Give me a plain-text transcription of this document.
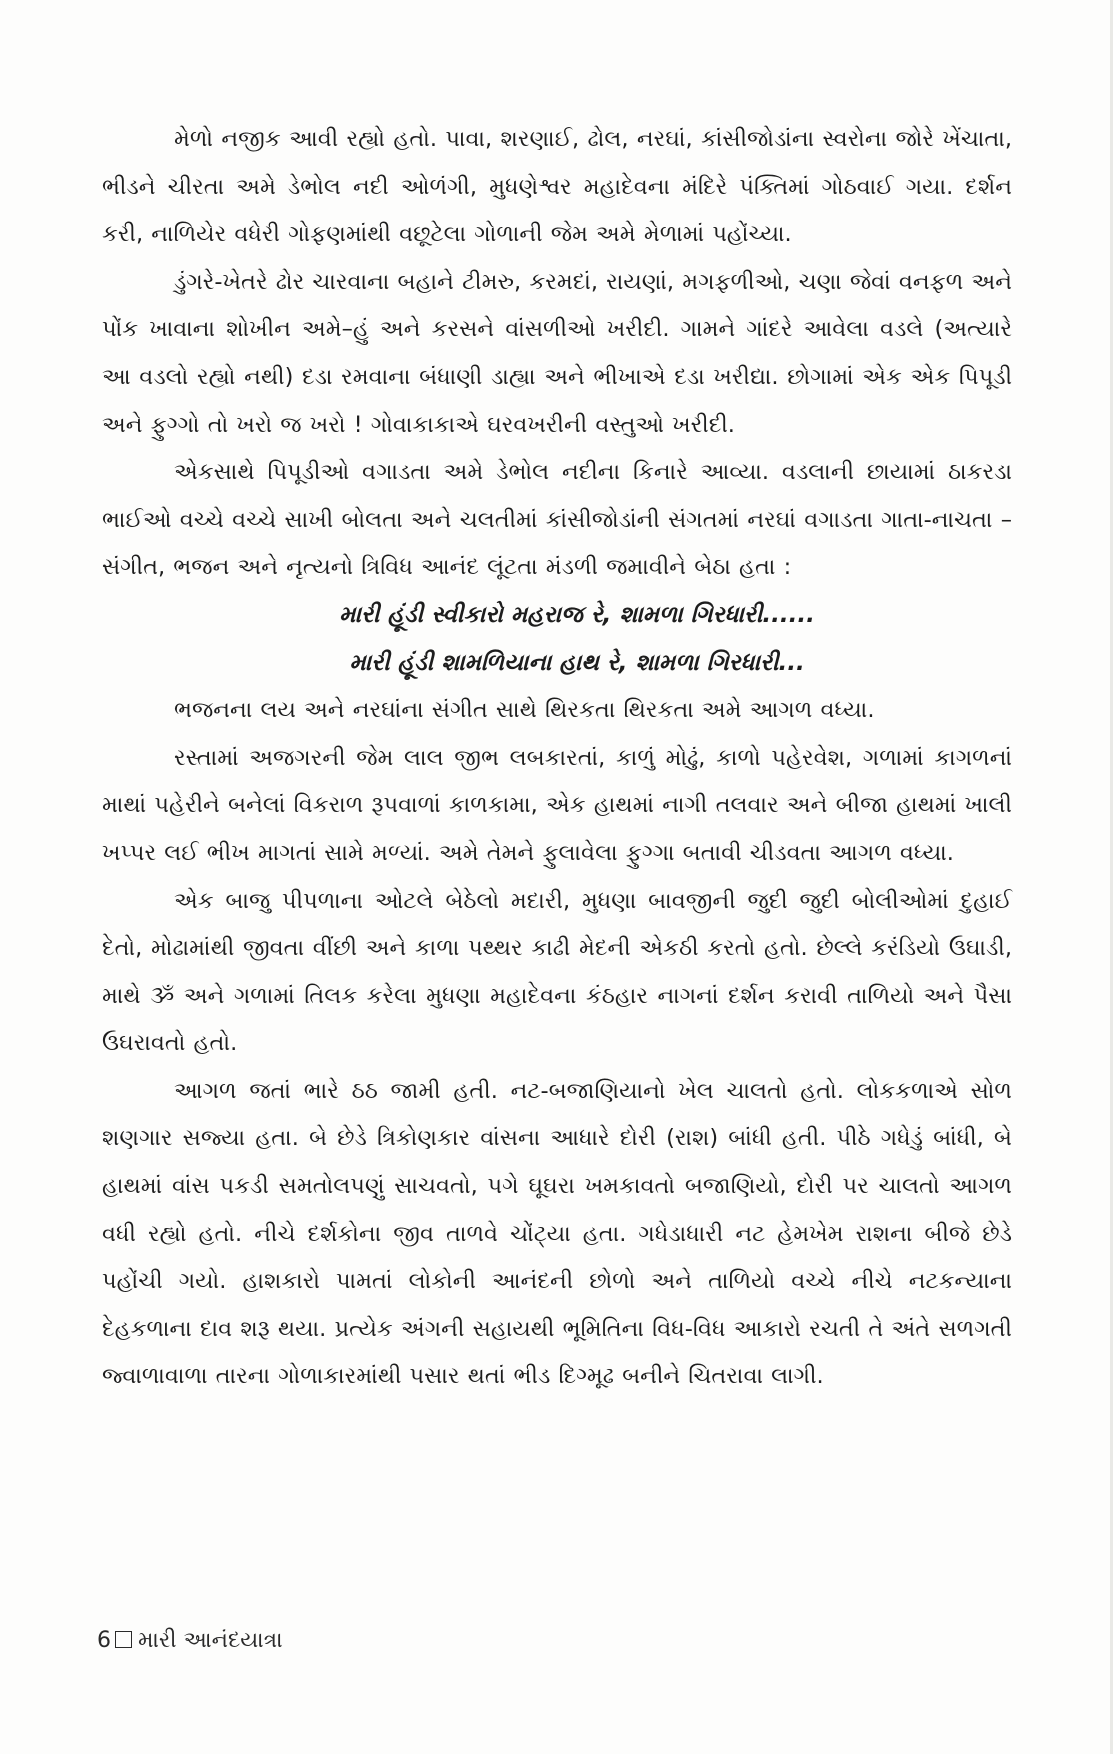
મેળો નજીક આવી રહ્યો હતો. પાવા, શરણાઈ, ઢોલ, નરઘાં, કાંસીજોડાંના સ્વરોના જોરે ખેંચાતા, ભીડને ચીરતા અમે ડેભોલ નદી ઓળંગી, મુધણેશ્વર મહાદેવના મંદિરે પંક્તિમાં ગોઠવાઈ ગયા. દર્શન કરી, નાળિયેર વધેરી ગોફણમાંથી વછૂટેલા ગોળાની જેમ અમે મેળામાં પહોંચ્યા.

ડુંગરે-ખેતરે ઢોર ચારવાના બહાને ટીમરુ, કરમદાં, રાયણાં, મગફળીઓ, ચણા જેવાં વનફળ અને પોંક ખાવાના શોખીન અમે–હું અને કરસને વાંસળીઓ ખરીદી. ગામને ગાંદરે આવેલા વડલે (અત્યારે આ વડલો રહ્યો નથી) દડા રમવાના બંધાણી ડાહ્યા અને ભીખાએ દડા ખરીદ્યા. છોગામાં એક એક પિપૂડી અને ફુગ્ગો તો ખરો જ ખરો ! ગોવાકાકાએ ઘરવખરીની વસ્તુઓ ખરીદી.

એકસાથે પિપૂડીઓ વગાડતા અમે ડેભોલ નદીના કિનારે આવ્યા. વડલાની છાયામાં ઠાકરડા ભાઈઓ વચ્ચે વચ્ચે સાખી બોલતા અને ચલતીમાં કાંસીજોડાંની સંગતમાં નરઘાં વગાડતા ગાતા-નાચતા – સંગીત, ભજન અને નૃત્યનો ત્રિવિધ આનંદ લૂંટતા મંડળી જમાવીને બેઠા હતા :

મારી હૂંડી સ્વીકારો મહરાજ રે, શામળા ગિરધારી......

મારી હૂંડી શામળિયાના હાથ રે, શામળા ગિરધારી...

ભજનના લય અને નરઘાંના સંગીત સાથે થિરકતા થિરકતા અમે આગળ વધ્યા.

રસ્તામાં અજગરની જેમ લાલ જીભ લબકારતાં, કાળું મોઢું, કાળો પહેરવેશ, ગળામાં કાગળનાં માથાં પહેરીને બનેલાં વિકરાળ રૂપવાળાં કાળકામા, એક હાથમાં નાગી તલવાર અને બીજા હાથમાં ખાલી ખપ્પર લઈ ભીખ માગતાં સામે મળ્યાં. અમે તેમને ફુલાવેલા ફુગ્ગા બતાવી ચીડવતા આગળ વધ્યા.

એક બાજુ પીપળાના ઓટલે બેઠેલો મદારી, મુધણા બાવજીની જુદી જુદી બોલીઓમાં દુહાઈ દેતો, મોઢામાંથી જીવતા વીંછી અને કાળા પથ્થર કાઢી મેદની એકઠી કરતો હતો. છેલ્લે કરંડિયો ઉઘાડી, માથે ૐ અને ગળામાં તિલક કરેલા મુધણા મહાદેવના કંઠહાર નાગનાં દર્શન કરાવી તાળિયો અને પૈસા ઉઘરાવતો હતો.

આગળ જતાં ભારે ઠઠ જામી હતી. નટ-બજાણિયાનો ખેલ ચાલતો હતો. લોકકળાએ સોળ શણગાર સજ્યા હતા. બે છેડે ત્રિકોણકાર વાંસના આધારે દોરી (રાશ) બાંધી હતી. પીઠે ગધેડું બાંધી, બે હાથમાં વાંસ પકડી સમતોલપણું સાચવતો, પગે ઘૂઘરા ખમકાવતો બજાણિયો, દોરી પર ચાલતો આગળ વધી રહ્યો હતો. નીચે દર્શકોના જીવ તાળવે ચોંટ્યા હતા. ગધેડાધારી નટ હેમખેમ રાશના બીજે છેડે પહોંચી ગયો. હાશકારો પામતાં લોકોની આનંદની છોળો અને તાળિયો વચ્ચે નીચે નટકન્યાના દેહકળાના દાવ શરૂ થયા. પ્રત્યેક અંગની સહાયથી ભૂમિતિના વિધ-વિધ આકારો રચતી તે અંતે સળગતી જ્વાળાવાળા તારના ગોળાકારમાંથી પસાર થતાં ભીડ દિગ્મૂઢ બનીને ચિતરાવા લાગી.

6 મારી આનંદયાત્રા
